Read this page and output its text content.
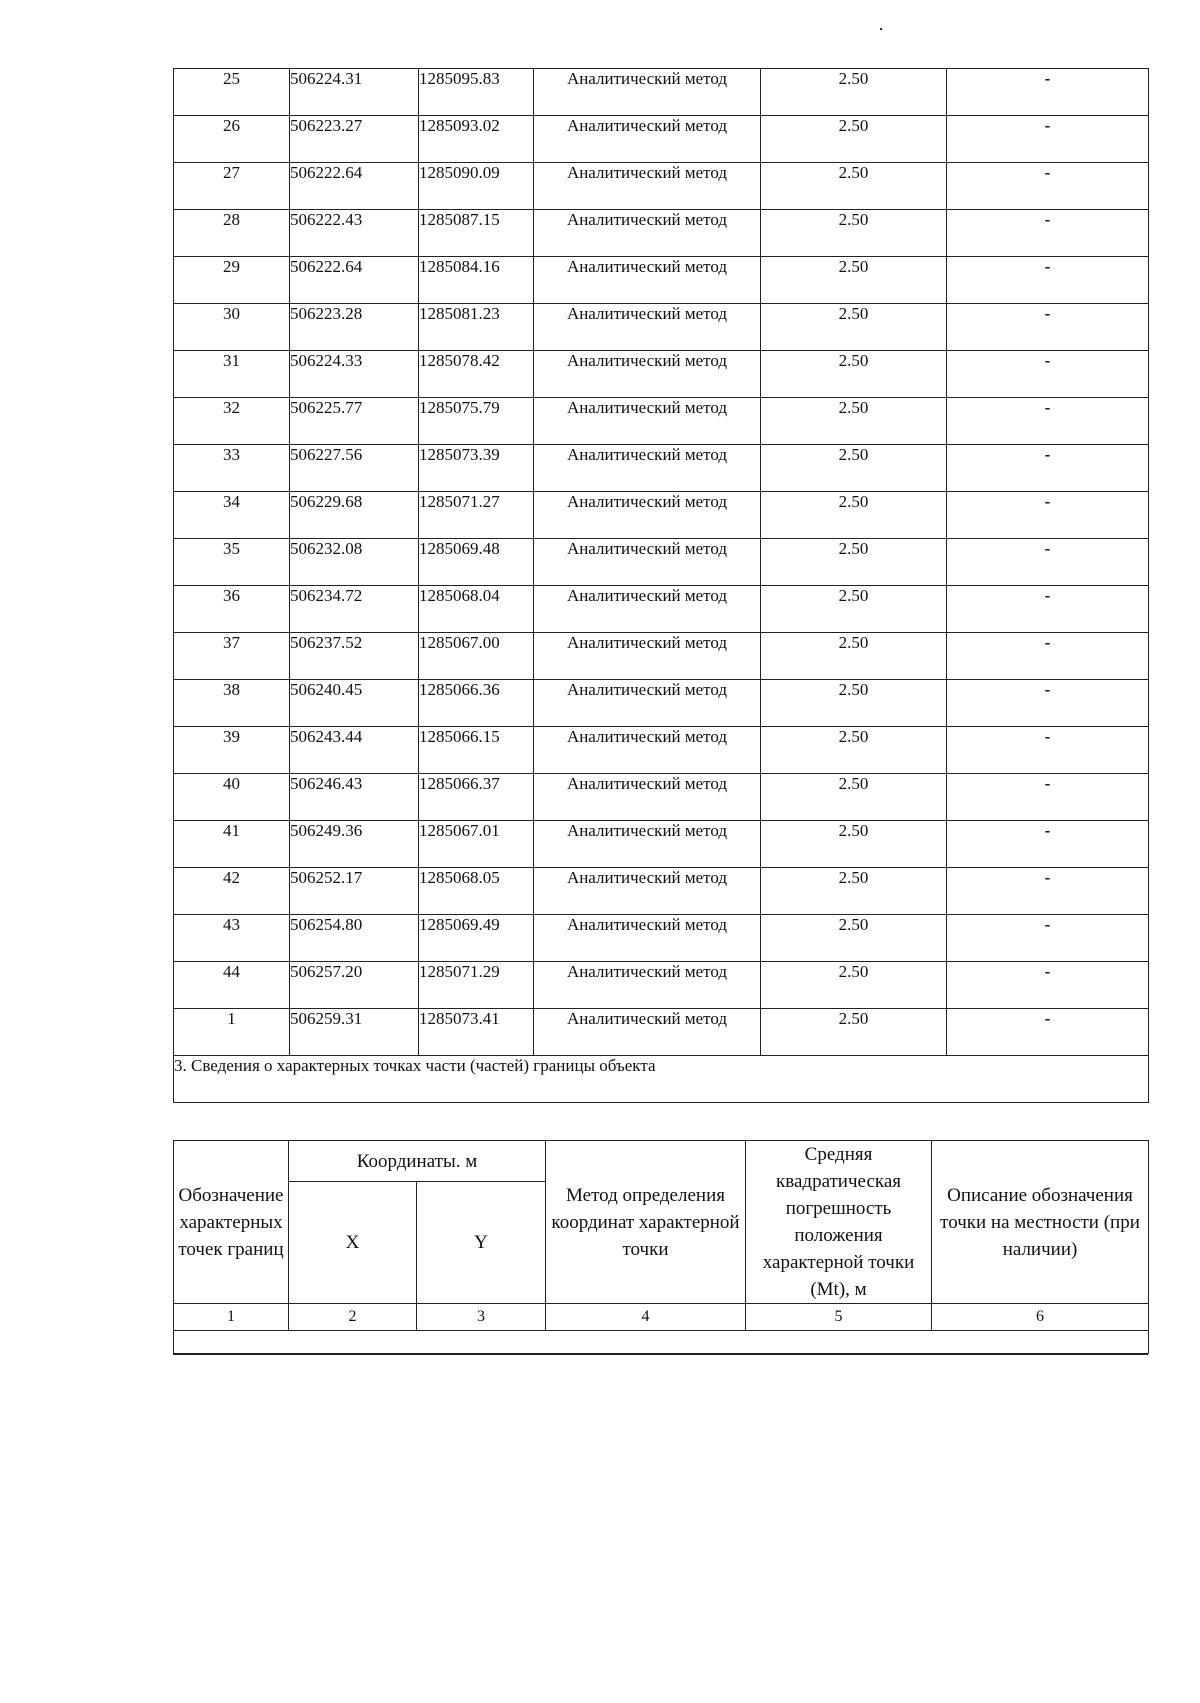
25	506224.31	1285095.83	Аналитический метод	2.50	-
26	506223.27	1285093.02	Аналитический метод	2.50	-
27	506222.64	1285090.09	Аналитический метод	2.50	-
28	506222.43	1285087.15	Аналитический метод	2.50	-
29	506222.64	1285084.16	Аналитический метод	2.50	-
30	506223.28	1285081.23	Аналитический метод	2.50	-
31	506224.33	1285078.42	Аналитический метод	2.50	-
32	506225.77	1285075.79	Аналитический метод	2.50	-
33	506227.56	1285073.39	Аналитический метод	2.50	-
34	506229.68	1285071.27	Аналитический метод	2.50	-
35	506232.08	1285069.48	Аналитический метод	2.50	-
36	506234.72	1285068.04	Аналитический метод	2.50	-
37	506237.52	1285067.00	Аналитический метод	2.50	-
38	506240.45	1285066.36	Аналитический метод	2.50	-
39	506243.44	1285066.15	Аналитический метод	2.50	-
40	506246.43	1285066.37	Аналитический метод	2.50	-
41	506249.36	1285067.01	Аналитический метод	2.50	-
42	506252.17	1285068.05	Аналитический метод	2.50	-
43	506254.80	1285069.49	Аналитический метод	2.50	-
44	506257.20	1285071.29	Аналитический метод	2.50	-
1	506259.31	1285073.41	Аналитический метод	2.50	-
3. Сведения о характерных точках части (частей) границы объекта					
Обозначение характерных точек границ	Координаты. м		Метод определения координат характерной точки	Средняя квадратическая погрешность положения характерной точки (Mt), м	Описание обозначения точки на местности (при наличии)
	X	Y			
1	2	3	4	5	6
